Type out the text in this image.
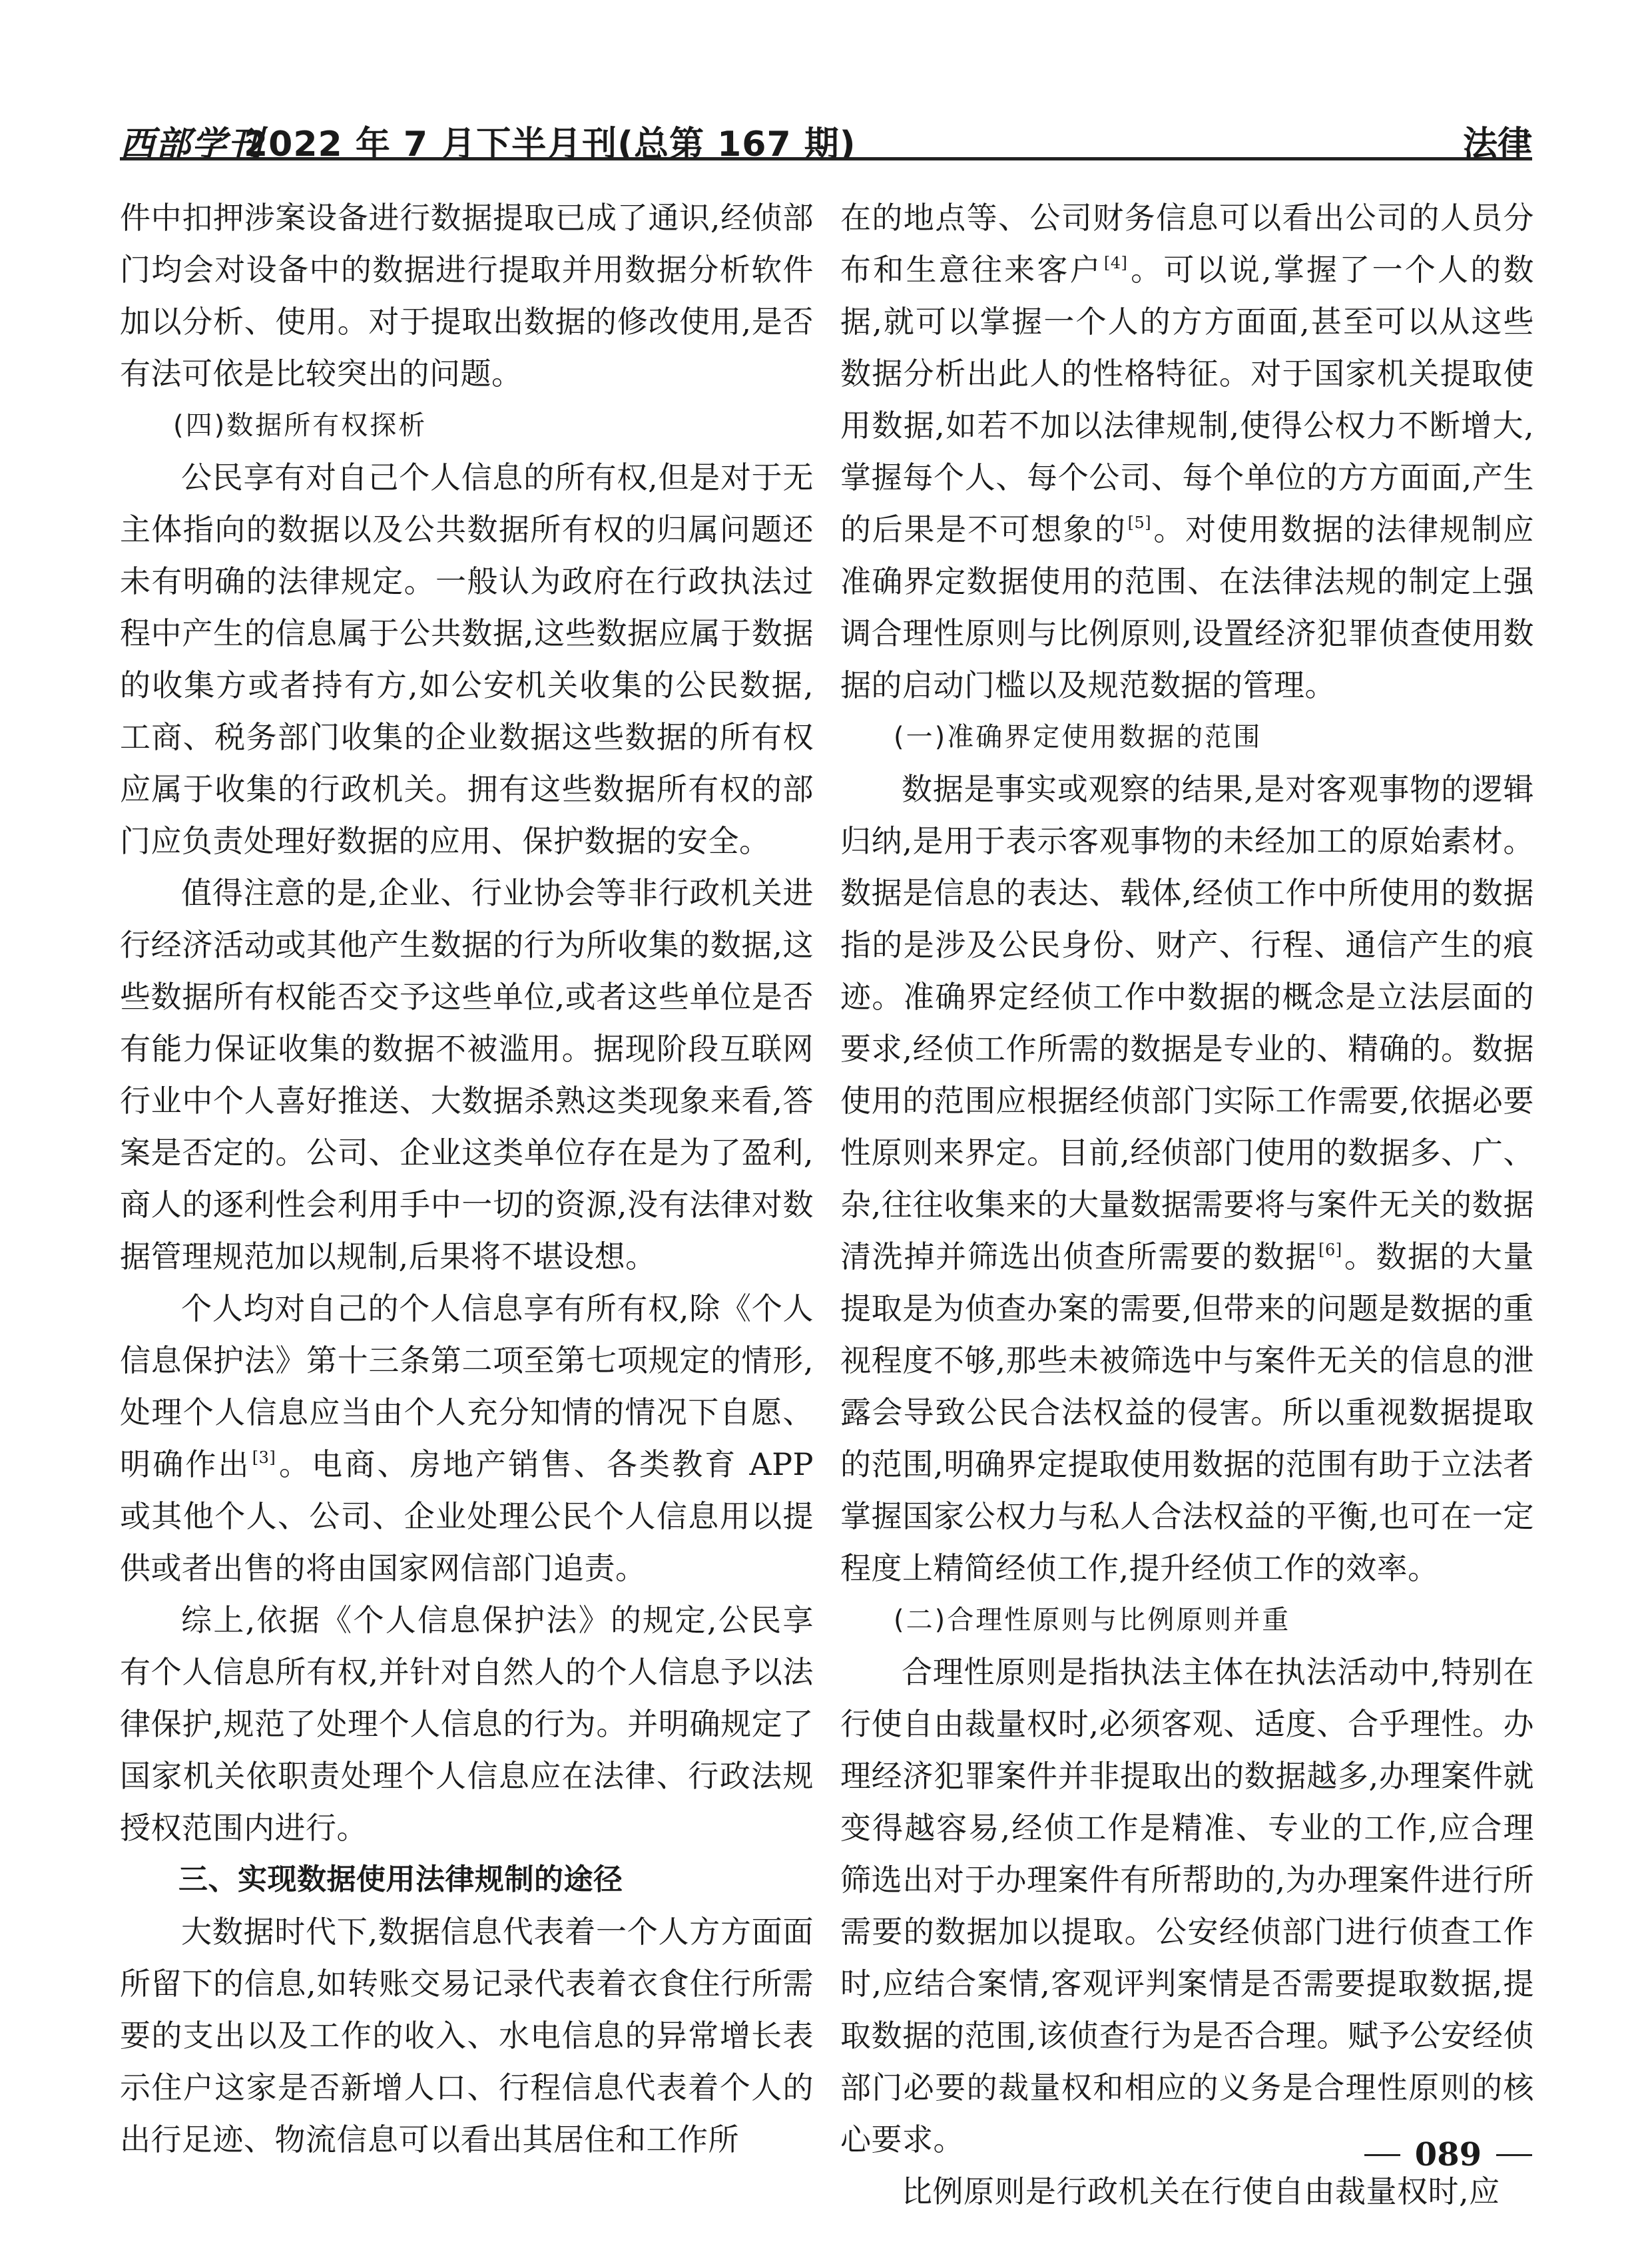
西部学刊
2022 年 7 月下半月刊(总第 167 期)	法律

件中扣押涉案设备进行数据提取已成了通识,经侦部门均会对设备中的数据进行提取并用数据分析软件加以分析、使用。对于提取出数据的修改使用,是否有法可依是比较突出的问题。

(四)数据所有权探析

公民享有对自己个人信息的所有权,但是对于无主体指向的数据以及公共数据所有权的归属问题还未有明确的法律规定。一般认为政府在行政执法过程中产生的信息属于公共数据,这些数据应属于数据的收集方或者持有方,如公安机关收集的公民数据,工商、税务部门收集的企业数据这些数据的所有权应属于收集的行政机关。拥有这些数据所有权的部门应负责处理好数据的应用、保护数据的安全。

值得注意的是,企业、行业协会等非行政机关进行经济活动或其他产生数据的行为所收集的数据,这些数据所有权能否交予这些单位,或者这些单位是否有能力保证收集的数据不被滥用。据现阶段互联网行业中个人喜好推送、大数据杀熟这类现象来看,答案是否定的。公司、企业这类单位存在是为了盈利,商人的逐利性会利用手中一切的资源,没有法律对数据管理规范加以规制,后果将不堪设想。

个人均对自己的个人信息享有所有权,除《个人信息保护法》第十三条第二项至第七项规定的情形,处理个人信息应当由个人充分知情的情况下自愿、明确作出[3]。电商、房地产销售、各类教育 APP 或其他个人、公司、企业处理公民个人信息用以提供或者出售的将由国家网信部门追责。

综上,依据《个人信息保护法》的规定,公民享有个人信息所有权,并针对自然人的个人信息予以法律保护,规范了处理个人信息的行为。并明确规定了国家机关依职责处理个人信息应在法律、行政法规授权范围内进行。

三、实现数据使用法律规制的途径

大数据时代下,数据信息代表着一个人方方面面所留下的信息,如转账交易记录代表着衣食住行所需要的支出以及工作的收入、水电信息的异常增长表示住户这家是否新增人口、行程信息代表着个人的出行足迹、物流信息可以看出其居住和工作所

在的地点等、公司财务信息可以看出公司的人员分布和生意往来客户[4]。可以说,掌握了一个人的数据,就可以掌握一个人的方方面面,甚至可以从这些数据分析出此人的性格特征。对于国家机关提取使用数据,如若不加以法律规制,使得公权力不断增大,掌握每个人、每个公司、每个单位的方方面面,产生的后果是不可想象的[5]。对使用数据的法律规制应准确界定数据使用的范围、在法律法规的制定上强调合理性原则与比例原则,设置经济犯罪侦查使用数据的启动门槛以及规范数据的管理。

(一)准确界定使用数据的范围

数据是事实或观察的结果,是对客观事物的逻辑归纳,是用于表示客观事物的未经加工的原始素材。数据是信息的表达、载体,经侦工作中所使用的数据指的是涉及公民身份、财产、行程、通信产生的痕迹。准确界定经侦工作中数据的概念是立法层面的要求,经侦工作所需的数据是专业的、精确的。数据使用的范围应根据经侦部门实际工作需要,依据必要性原则来界定。目前,经侦部门使用的数据多、广、杂,往往收集来的大量数据需要将与案件无关的数据清洗掉并筛选出侦查所需要的数据[6]。数据的大量提取是为侦查办案的需要,但带来的问题是数据的重视程度不够,那些未被筛选中与案件无关的信息的泄露会导致公民合法权益的侵害。所以重视数据提取的范围,明确界定提取使用数据的范围有助于立法者掌握国家公权力与私人合法权益的平衡,也可在一定程度上精简经侦工作,提升经侦工作的效率。

(二)合理性原则与比例原则并重

合理性原则是指执法主体在执法活动中,特别在行使自由裁量权时,必须客观、适度、合乎理性。办理经济犯罪案件并非提取出的数据越多,办理案件就变得越容易,经侦工作是精准、专业的工作,应合理筛选出对于办理案件有所帮助的,为办理案件进行所需要的数据加以提取。公安经侦部门进行侦查工作时,应结合案情,客观评判案情是否需要提取数据,提取数据的范围,该侦查行为是否合理。赋予公安经侦部门必要的裁量权和相应的义务是合理性原则的核心要求。

比例原则是行政机关在行使自由裁量权时,应

089
